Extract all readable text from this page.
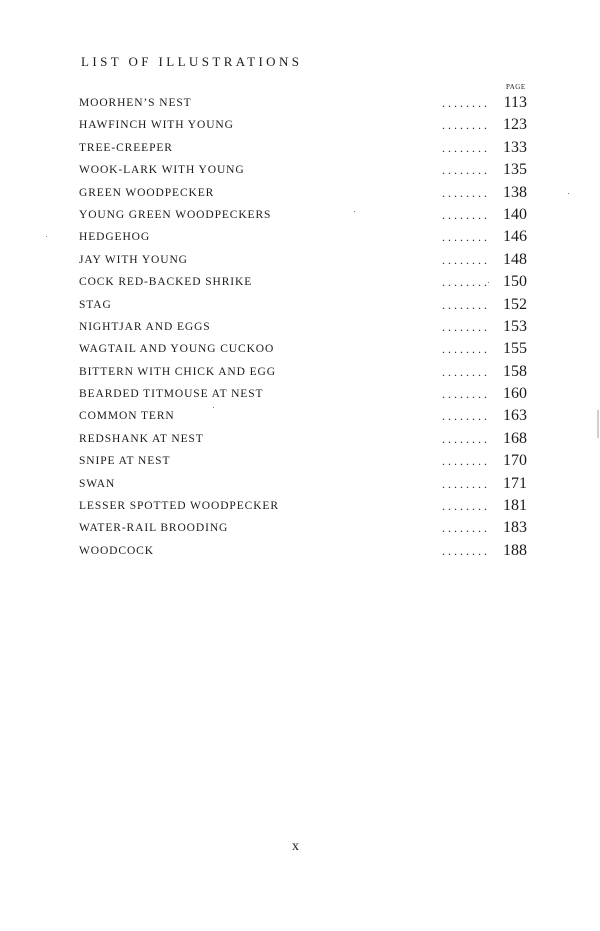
LIST OF ILLUSTRATIONS
PAGE
MOORHEN’S NEST	. . . . . . . . 113
HAWFINCH WITH YOUNG	. . . . . . . . 123
TREE-CREEPER	. . . . . . . . 133
WOOK-LARK WITH YOUNG	. . . . . . . . 135
GREEN WOODPECKER	. . . . . . . . 138
YOUNG GREEN WOODPECKERS	. . . . . . . . 140
HEDGEHOG	. . . . . . . . 146
JAY WITH YOUNG	. . . . . . . . 148
COCK RED-BACKED SHRIKE	. . . . . . . . 150
STAG	. . . . . . . . 152
NIGHTJAR AND EGGS	. . . . . . . . 153
WAGTAIL AND YOUNG CUCKOO	. . . . . . . . 155
BITTERN WITH CHICK AND EGG	. . . . . . . . 158
BEARDED TITMOUSE AT NEST	. . . . . . . . 160
COMMON TERN	. . . . . . . . 163
REDSHANK AT NEST	. . . . . . . . 168
SNIPE AT NEST	. . . . . . . . 170
SWAN	. . . . . . . . 171
LESSER SPOTTED WOODPECKER	. . . . . . . . 181
WATER-RAIL BROODING	. . . . . . . . 183
WOODCOCK	. . . . . . . . 188
x
